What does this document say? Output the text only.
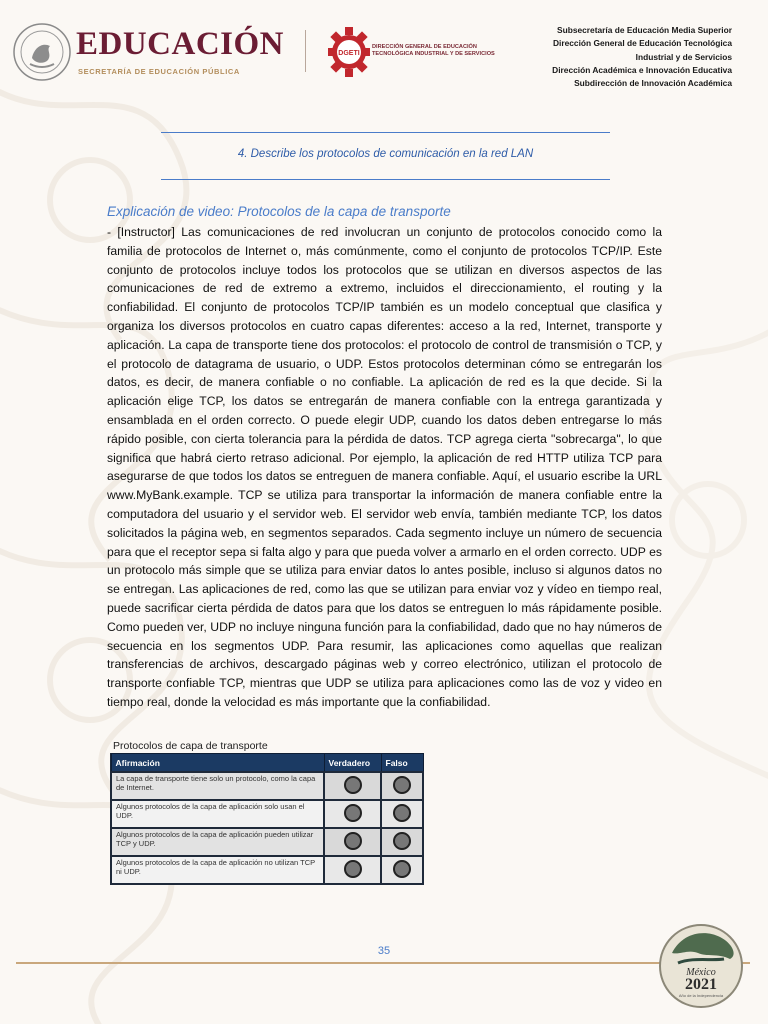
EDUCACIÓN
SECRETARÍA DE EDUCACIÓN PÚBLICA
DGETI
DIRECCIÓN GENERAL DE EDUCACIÓN
TECNOLÓGICA INDUSTRIAL Y DE SERVICIOS
Subsecretaría de Educación Media Superior
Dirección General de Educación Tecnológica
Industrial y de Servicios
Dirección Académica e Innovación Educativa
Subdirección de Innovación Académica
4. Describe los protocolos de comunicación en la red LAN
Explicación de video: Protocolos de la capa de transporte
- [Instructor] Las comunicaciones de red involucran un conjunto de protocolos conocido como la familia de protocolos de Internet o, más comúnmente, como el conjunto de protocolos TCP/IP. Este conjunto de protocolos incluye todos los protocolos que se utilizan en diversos aspectos de las comunicaciones de red de extremo a extremo, incluidos el direccionamiento, el routing y la confiabilidad. El conjunto de protocolos TCP/IP también es un modelo conceptual que clasifica y organiza los diversos protocolos en cuatro capas diferentes: acceso a la red, Internet, transporte y aplicación. La capa de transporte tiene dos protocolos: el protocolo de control de transmisión o TCP, y el protocolo de datagrama de usuario, o UDP. Estos protocolos determinan cómo se entregarán los datos, es decir, de manera confiable o no confiable. La aplicación de red es la que decide. Si la aplicación elige TCP, los datos se entregarán de manera confiable con la entrega garantizada y ensamblada en el orden correcto. O puede elegir UDP, cuando los datos deben entregarse lo más rápido posible, con cierta tolerancia para la pérdida de datos. TCP agrega cierta "sobrecarga", lo que significa que habrá cierto retraso adicional. Por ejemplo, la aplicación de red HTTP utiliza TCP para asegurarse de que todos los datos se entreguen de manera confiable. Aquí, el usuario escribe la URL www.MyBank.example. TCP se utiliza para transportar la información de manera confiable entre la computadora del usuario y el servidor web. El servidor web envía, también mediante TCP, los datos solicitados la página web, en segmentos separados. Cada segmento incluye un número de secuencia para que el receptor sepa si falta algo y para que pueda volver a armarlo en el orden correcto. UDP es un protocolo más simple que se utiliza para enviar datos lo antes posible, incluso si algunos datos no se entregan. Las aplicaciones de red, como las que se utilizan para enviar voz y vídeo en tiempo real, puede sacrificar cierta pérdida de datos para que los datos se entreguen lo más rápidamente posible. Como pueden ver, UDP no incluye ninguna función para la confiabilidad, dado que no hay números de secuencia en los segmentos UDP. Para resumir, las aplicaciones como aquellas que realizan transferencias de archivos, descargado páginas web y correo electrónico, utilizan el protocolo de transporte confiable TCP, mientras que UDP se utiliza para aplicaciones como las de voz y video en tiempo real, donde la velocidad es más importante que la confiabilidad.
Protocolos de capa de transporte
Afirmación	Verdadero	Falso
La capa de transporte tiene solo un protocolo, como la capa de Internet.		
Algunos protocolos de la capa de aplicación solo usan el UDP.		
Algunos protocolos de la capa de aplicación pueden utilizar TCP y UDP.		
Algunos protocolos de la capa de aplicación no utilizan TCP ni UDP.		
35
México
2021
Año de la Independencia
